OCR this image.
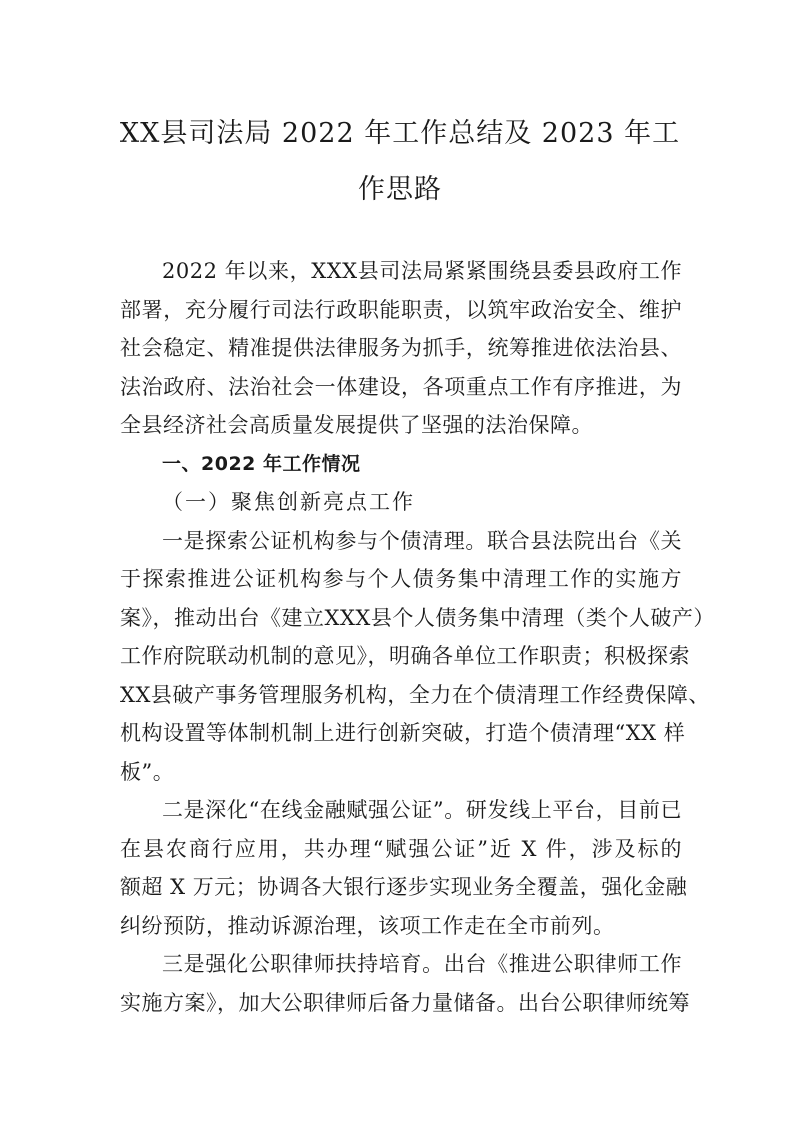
XX县司法局 2022 年工作总结及 2023 年工
作思路

2022 年以来，XXX县司法局紧紧围绕县委县政府工作

部署，充分履行司法行政职能职责，以筑牢政治安全、维护

社会稳定、精准提供法律服务为抓手，统筹推进依法治县、

法治政府、法治社会一体建设，各项重点工作有序推进，为

全县经济社会高质量发展提供了坚强的法治保障。

一、2022 年工作情况

（一）聚焦创新亮点工作

一是探索公证机构参与个债清理。联合县法院出台《关

于探索推进公证机构参与个人债务集中清理工作的实施方

案》，推动出台《建立XXX县个人债务集中清理（类个人破产）

工作府院联动机制的意见》，明确各单位工作职责；积极探索

XX县破产事务管理服务机构，全力在个债清理工作经费保障、

机构设置等体制机制上进行创新突破，打造个债清理“XX 样

板”。

二是深化“在线金融赋强公证”。研发线上平台，目前已

在县农商行应用，共办理“赋强公证”近 X 件，涉及标的

额超 X 万元；协调各大银行逐步实现业务全覆盖，强化金融

纠纷预防，推动诉源治理，该项工作走在全市前列。

三是强化公职律师扶持培育。出台《推进公职律师工作

实施方案》，加大公职律师后备力量储备。出台公职律师统筹
